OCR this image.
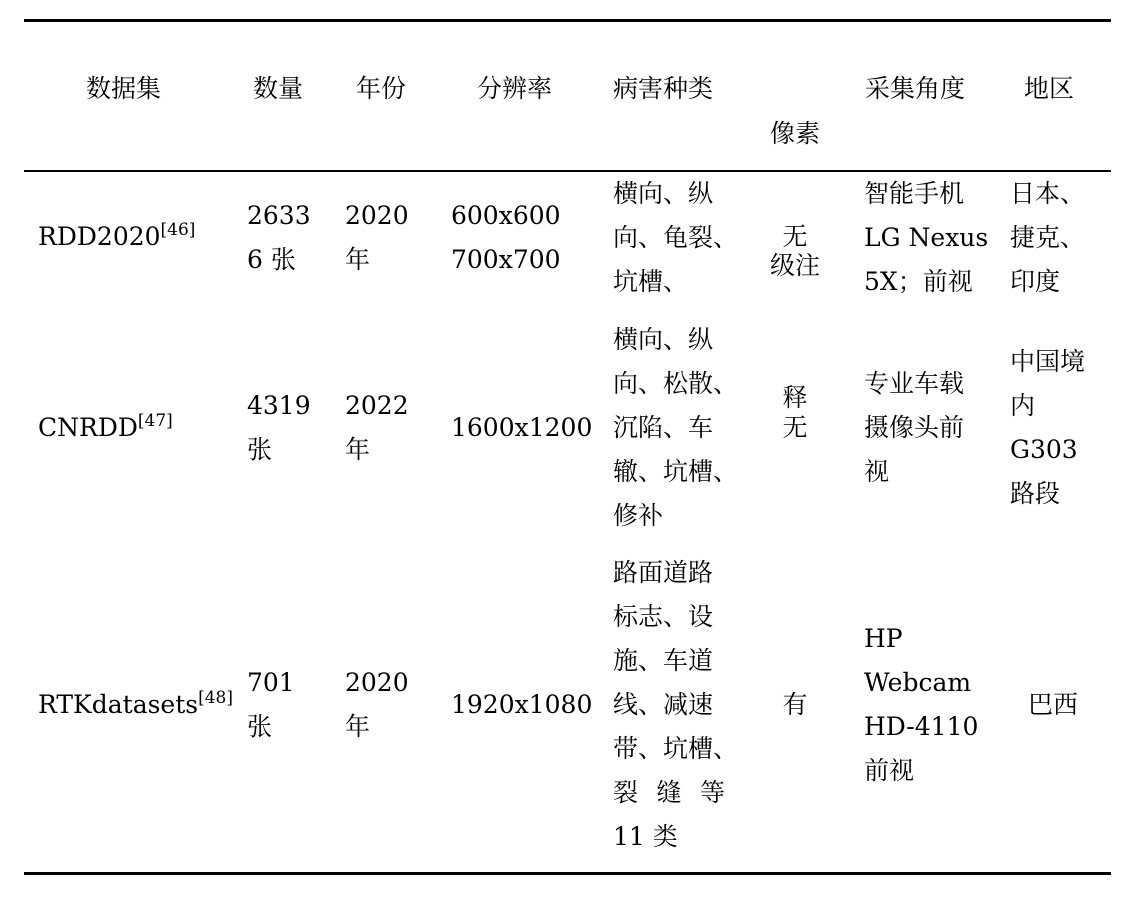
数据集	数量 年份	分辨率 病害种类

像素

级注

释

采集角度 地区
RDD2020[46] 2633
6 张
2020
年
600x600
700x700
横向、纵
向、龟裂、
坑槽、
无
智能手机
LG Nexus
5X；前视
日本、
捷克、
印度
CNRDD[47]
4319
张
2022
年
1600x1200
横向、纵
向、松散、
沉陷、车
辙、坑槽、
修补
无
专业车载
摄像头前
视
中国境
内
G303
路段
RTKdatasets[48]
701
张
2020
年
1920x1080
路面道路
标志、设
施、车道
线、减速
带、坑槽、
裂 缝 等
11 类
有
HP
Webcam
HD-4110
前视
巴西
